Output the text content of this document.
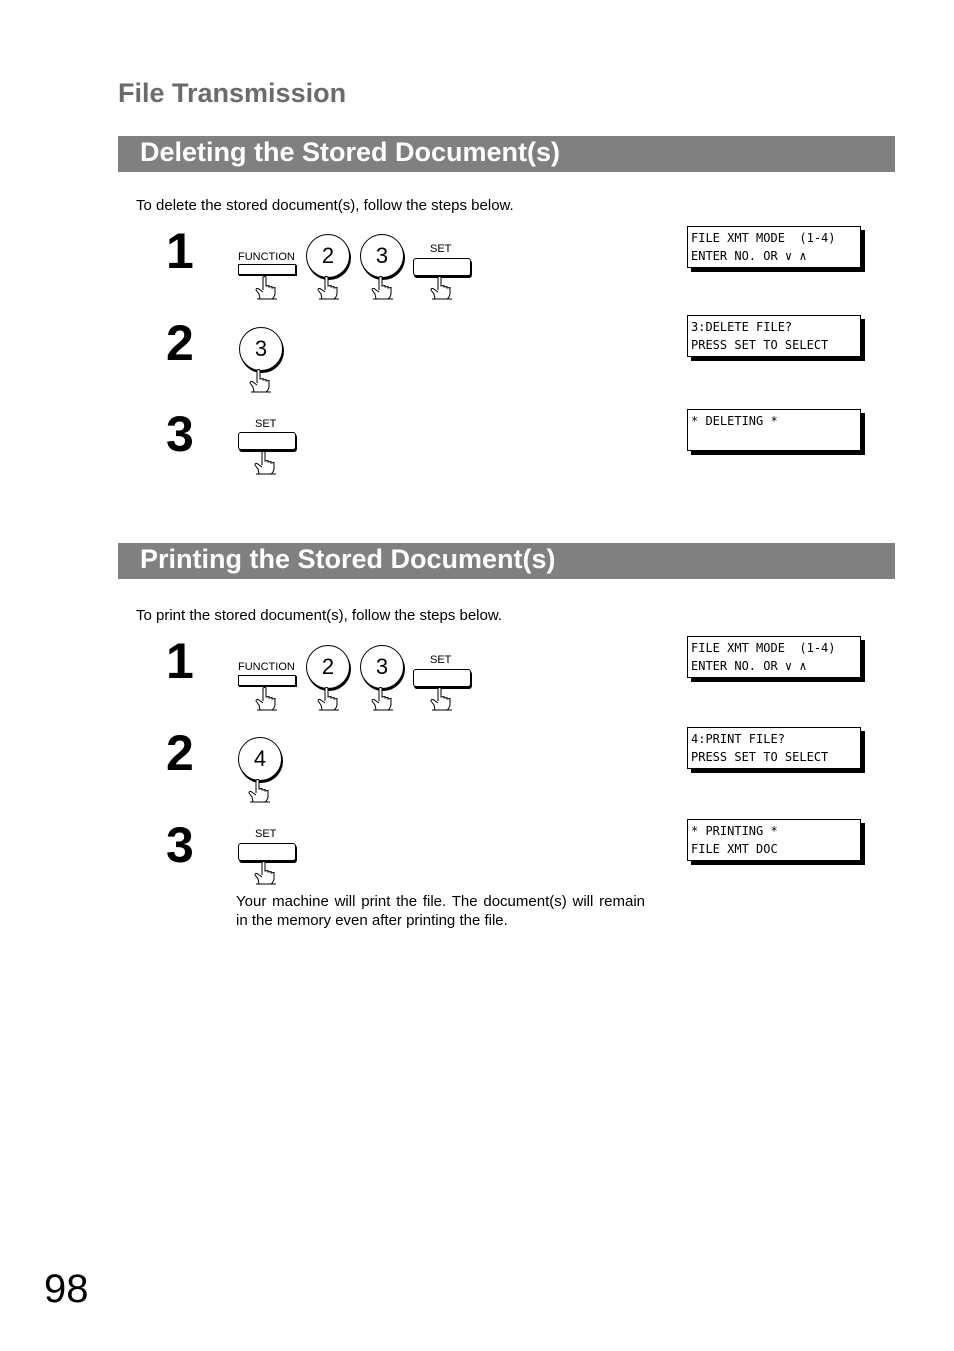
File Transmission
Deleting the Stored Document(s)
To delete the stored document(s), follow the steps below.
1	FUNCTION	2	3	SET
FILE XMT MODE  (1-4)
ENTER NO. OR ∨ ∧
2	3
3:DELETE FILE?
PRESS SET TO SELECT
3	SET	* DELETING *
Printing the Stored Document(s)
To print the stored document(s), follow the steps below.
1	FUNCTION	2	3	SET
FILE XMT MODE  (1-4)
ENTER NO. OR ∨ ∧
2	4
4:PRINT FILE?
PRESS SET TO SELECT
3	SET	* PRINTING *
FILE XMT DOC
Your machine will print the file. The document(s) will remain in the memory even after printing the file.
98
